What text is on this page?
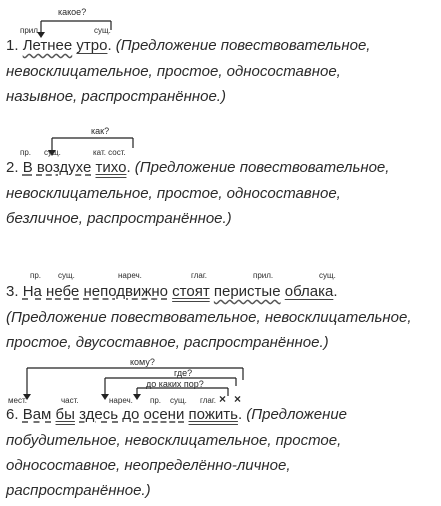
какое?
прил.	сущ.
1. Летнее утро. (Предложение повествовательное,
невосклицательное, простое, односоставное,
назывное, распространённое.)
как?
пр. сущ.	кат. сост.
2. В воздухе тихо. (Предложение повествовательное,
невосклицательное, простое, односоставное,
безличное, распространённое.)
пр. сущ.	нареч.	глаг.	прил.	сущ.
3. На небе неподвижно стоят перистые облака.
(Предложение повествовательное, невосклицательное,
простое, двусоставное, распространённое.)
кому?
где?
до каких пор?
× ×
мест.	част.	нареч. пр. сущ. глаг.
6. Вам бы здесь до осени пожить. (Предложение
побудительное, невосклицательное, простое,
односоставное, неопределённо-личное,
распространённое.)
